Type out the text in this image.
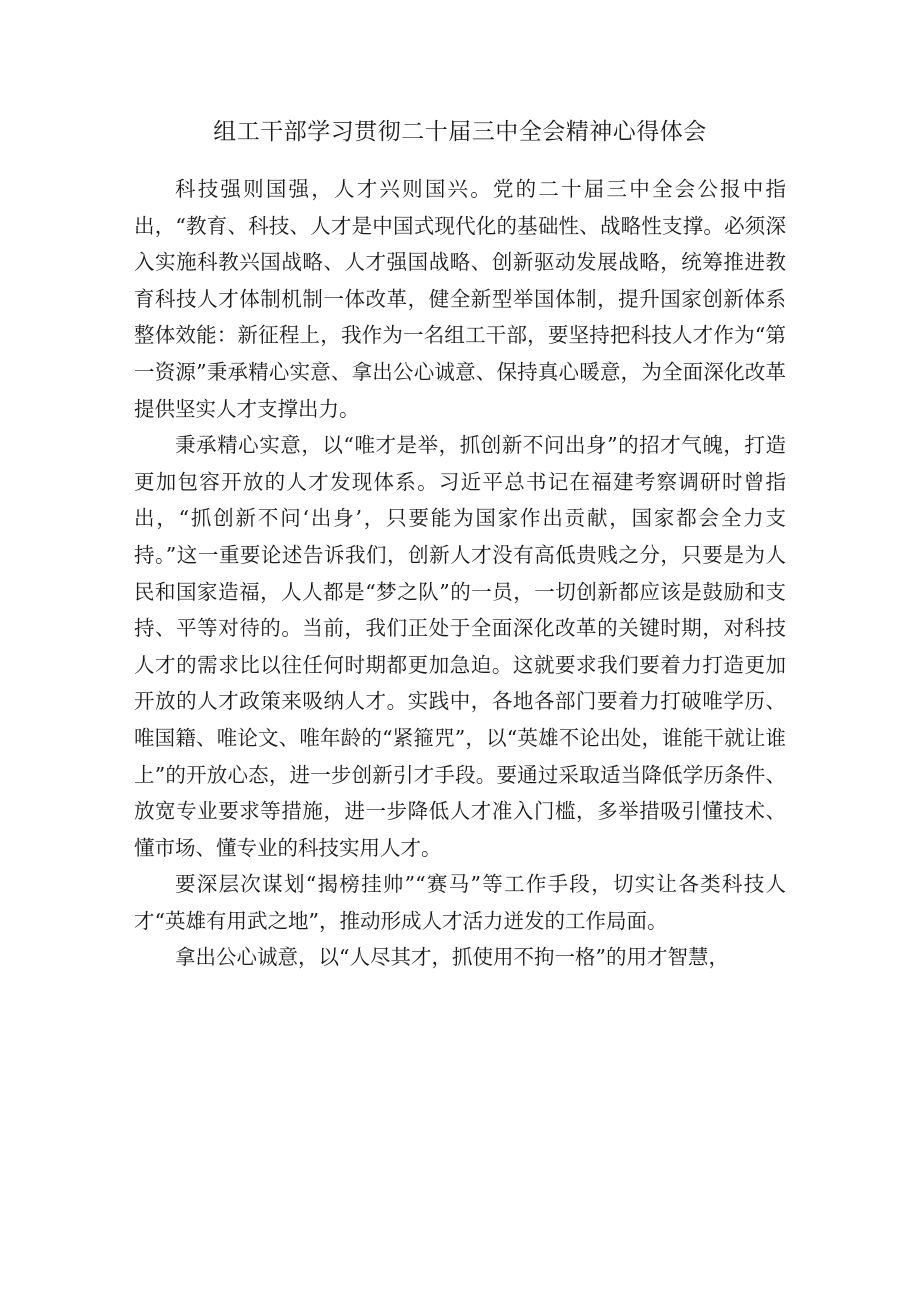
组工干部学习贯彻二十届三中全会精神心得体会

科技强则国强，人才兴则国兴。党的二十届三中全会公报中指出，“教育、科技、人才是中国式现代化的基础性、战略性支撑。必须深入实施科教兴国战略、人才强国战略、创新驱动发展战略，统筹推进教育科技人才体制机制一体改革，健全新型举国体制，提升国家创新体系整体效能：新征程上，我作为一名组工干部，要坚持把科技人才作为“第一资源”秉承精心实意、拿出公心诚意、保持真心暖意，为全面深化改革提供坚实人才支撑出力。

秉承精心实意，以“唯才是举，抓创新不问出身”的招才气魄，打造更加包容开放的人才发现体系。习近平总书记在福建考察调研时曾指出，“抓创新不问‘出身’，只要能为国家作出贡献，国家都会全力支持。”这一重要论述告诉我们，创新人才没有高低贵贱之分，只要是为人民和国家造福，人人都是“梦之队”的一员，一切创新都应该是鼓励和支持、平等对待的。当前，我们正处于全面深化改革的关键时期，对科技人才的需求比以往任何时期都更加急迫。这就要求我们要着力打造更加开放的人才政策来吸纳人才。实践中，各地各部门要着力打破唯学历、唯国籍、唯论文、唯年龄的“紧箍咒”，以“英雄不论出处，谁能干就让谁上”的开放心态，进一步创新引才手段。要通过采取适当降低学历条件、放宽专业要求等措施，进一步降低人才准入门槛，多举措吸引懂技术、懂市场、懂专业的科技实用人才。

要深层次谋划“揭榜挂帅”“赛马”等工作手段，切实让各类科技人才“英雄有用武之地”，推动形成人才活力迸发的工作局面。

拿出公心诚意，以“人尽其才，抓使用不拘一格”的用才智慧，
